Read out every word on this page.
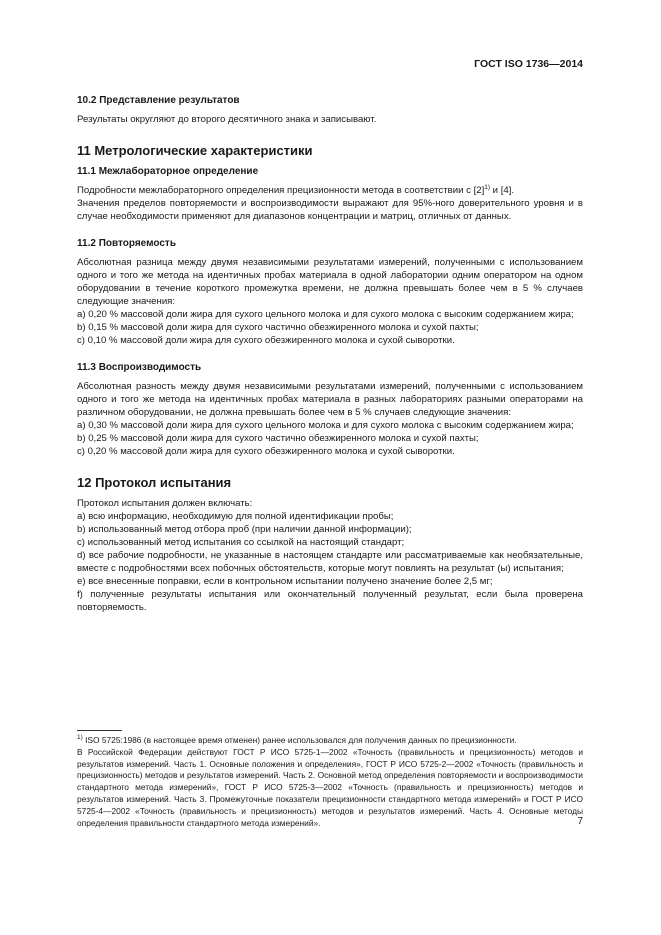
ГОСТ ISO 1736—2014
10.2 Представление результатов

Результаты округляют до второго десятичного знака и записывают.

11 Метрологические характеристики
11.1 Межлабораторное определение

Подробности межлабораторного определения прецизионности метода в соответствии с $[2]^{1)}$ и [4].

Значения пределов повторяемости и воспроизводимости выражают для 95%-ного доверительного уровня и в случае необходимости применяют для диапазонов концентрации и матриц, отличных от данных.

11.2 Повторяемость

Абсолютная разница между двумя независимыми результатами измерений, полученными с использованием одного и того же метода на идентичных пробах материала в одной лаборатории одним оператором на одном оборудовании в течение короткого промежутка времени, не должна превышать более чем в 5 % случаев следующие значения:

а) 0,20 % массовой доли жира для сухого цельного молока и для сухого молока с высоким содержанием жира;

b) 0,15 % массовой доли жира для сухого частично обезжиренного молока и сухой пахты;

с) 0,10 % массовой доли жира для сухого обезжиренного молока и сухой сыворотки.

11.3 Воспроизводимость

Абсолютная разность между двумя независимыми результатами измерений, полученными с использованием одного и того же метода на идентичных пробах материала в разных лабораториях разными операторами на различном оборудовании, не должна превышать более чем в 5 % случаев следующие значения:

а) 0,30 % массовой доли жира для сухого цельного молока и для сухого молока с высоким содержанием жира;

b) 0,25 % массовой доли жира для сухого частично обезжиренного молока и сухой пахты;

с) 0,20 % массовой доли жира для сухого обезжиренного молока и сухой сыворотки.

12 Протокол испытания

Протокол испытания должен включать:

а) всю информацию, необходимую для полной идентификации пробы;

b) использованный метод отбора проб (при наличии данной информации);

с) использованный метод испытания со ссылкой на настоящий стандарт;

d) все рабочие подробности, не указанные в настоящем стандарте или рассматриваемые как необязательные, вместе с подробностями всех побочных обстоятельств, которые могут повлиять на результат (ы) испытания;

е) все внесенные поправки, если в контрольном испытании получено значение более 2,5 мг;

f) полученные результаты испытания или окончательный полученный результат, если была проверена повторяемость.

$^{1)}$ ISO 5725:1986 (в настоящее время отменен) ранее использовался для получения данных по прецизионности.

В Российской Федерации действуют ГОСТ Р ИСО 5725-1—2002 «Точность (правильность и прецизионность) методов и результатов измерений. Часть 1. Основные положения и определения», ГОСТ Р ИСО 5725-2—2002 «Точность (правильность и прецизионность) методов и результатов измерений. Часть 2. Основной метод определения повторяемости и воспроизводимости стандартного метода измерений», ГОСТ Р ИСО 5725-3—2002 «Точность (правильность и прецизионность) методов и результатов измерений. Часть 3. Промежуточные показатели прецизионности стандартного метода измерений» и ГОСТ Р ИСО 5725-4—2002 «Точность (правильность и прецизионность) методов и результатов измерений. Часть 4. Основные методы определения правильности стандартного метода измерений».	7
